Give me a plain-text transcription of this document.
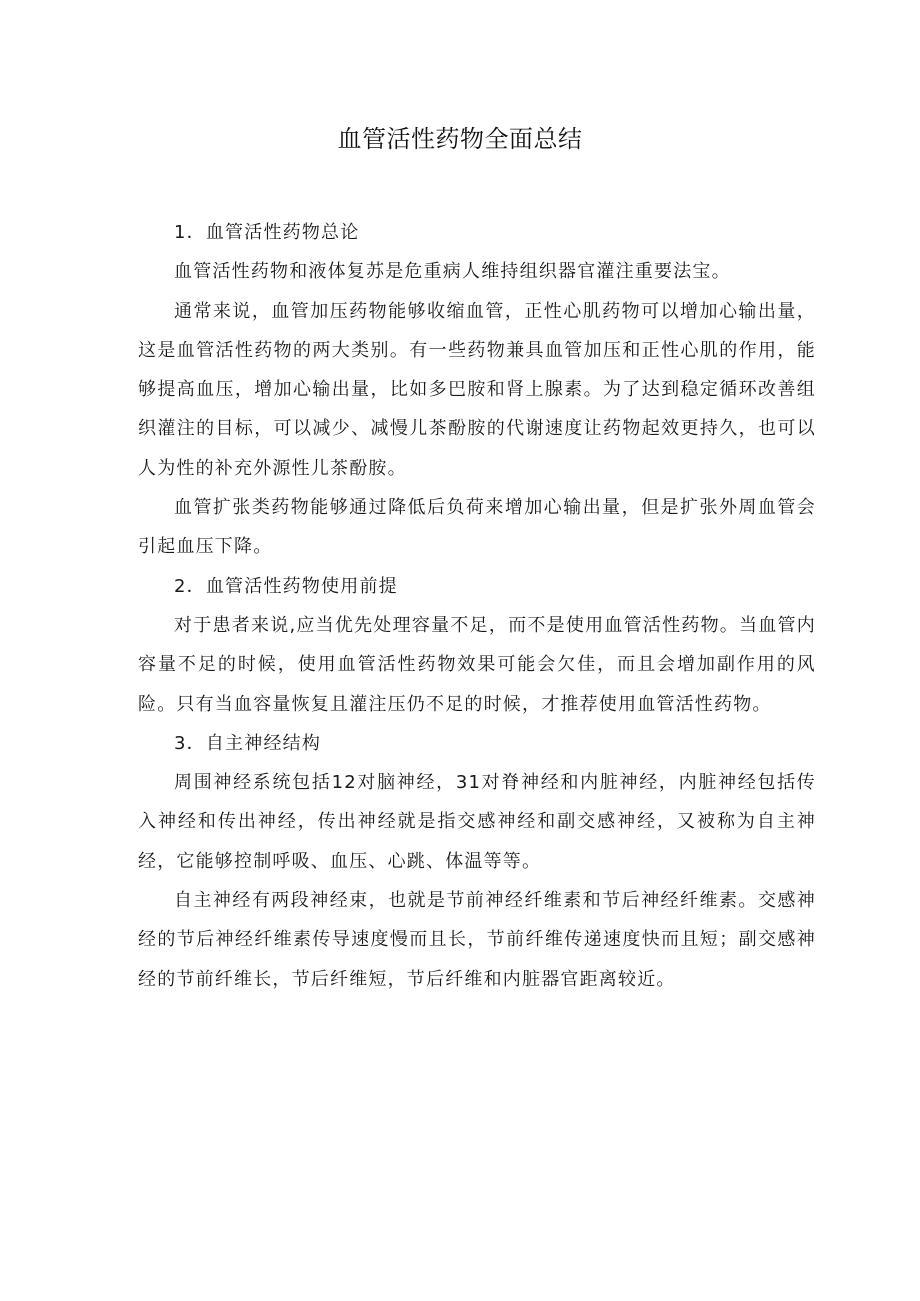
血管活性药物全面总结
1．血管活性药物总论

血管活性药物和液体复苏是危重病人维持组织器官灌注重要法宝。

通常来说，血管加压药物能够收缩血管，正性心肌药物可以增加心输出量，这是血管活性药物的两大类别。有一些药物兼具血管加压和正性心肌的作用，能够提高血压，增加心输出量，比如多巴胺和肾上腺素。为了达到稳定循环改善组织灌注的目标，可以减少、减慢儿茶酚胺的代谢速度让药物起效更持久，也可以人为性的补充外源性儿茶酚胺。

血管扩张类药物能够通过降低后负荷来增加心输出量，但是扩张外周血管会引起血压下降。

2．血管活性药物使用前提

对于患者来说,应当优先处理容量不足，而不是使用血管活性药物。当血管内容量不足的时候，使用血管活性药物效果可能会欠佳，而且会增加副作用的风险。只有当血容量恢复且灌注压仍不足的时候，才推荐使用血管活性药物。

3．自主神经结构

周围神经系统包括12对脑神经，31对脊神经和内脏神经，内脏神经包括传入神经和传出神经，传出神经就是指交感神经和副交感神经，又被称为自主神经，它能够控制呼吸、血压、心跳、体温等等。

自主神经有两段神经束，也就是节前神经纤维素和节后神经纤维素。交感神经的节后神经纤维素传导速度慢而且长，节前纤维传递速度快而且短；副交感神经的节前纤维长，节后纤维短，节后纤维和内脏器官距离较近。
